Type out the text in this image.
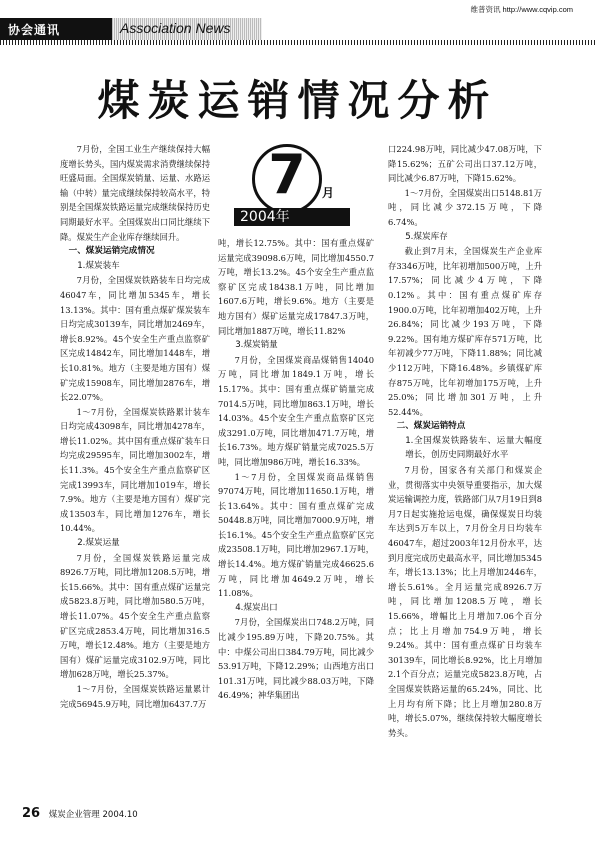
维普资讯 http://www.cqvip.com
协会通讯	Association News
煤炭运销情况分析
7	月
2004年

7月份，全国工业生产继续保持大幅度增长势头，国内煤炭需求消费继续保持旺盛局面。全国煤炭销量、运量、水路运输（中转）量完成继续保持较高水平，特别是全国煤炭铁路运量完成继续保持历史同期最好水平。全国煤炭出口同比继续下降。煤炭生产企业库存继续回升。

一、煤炭运销完成情况
1.煤炭装车

7月份，全国煤炭铁路装车日均完成46047车，同比增加5345车，增长13.13%。其中：国有重点煤矿煤炭装车日均完成30139车，同比增加2469车，增长8.92%。45个安全生产重点监察矿区完成14842车，同比增加1448车，增长10.81%。地方（主要是地方国有）煤矿完成15908车，同比增加2876车，增长22.07%。

1～7月份，全国煤炭铁路累计装车日均完成43098车，同比增加4278车，增长11.02%。其中国有重点煤矿装车日均完成29595车，同比增加3002车，增长11.3%。45个安全生产重点监察矿区完成13993车，同比增加1019车，增长7.9%。地方（主要是地方国有）煤矿完成13503车，同比增加1276车，增长10.44%。

2.煤炭运量

7月份，全国煤炭铁路运量完成8926.7万吨，同比增加1208.5万吨，增长15.66%。其中：国有重点煤矿运量完成5823.8万吨，同比增加580.5万吨，增长11.07%。45个安全生产重点监察矿区完成2853.4万吨，同比增加316.5万吨，增长12.48%。地方（主要是地方国有）煤矿运量完成3102.9万吨，同比增加628万吨，增长25.37%。

1～7月份，全国煤炭铁路运量累计完成56945.9万吨，同比增加6437.7万

吨，增长12.75%。其中：国有重点煤矿运量完成39098.6万吨，同比增加4550.7万吨，增长13.2%。45个安全生产重点监察矿区完成18438.1万吨，同比增加1607.6万吨，增长9.6%。地方（主要是地方国有）煤矿运量完成17847.3万吨，同比增加1887万吨，增长11.82%

3.煤炭销量

7月份，全国煤炭商品煤销售14040万吨，同比增加1849.1万吨，增长15.17%。其中：国有重点煤矿销量完成7014.5万吨，同比增加863.1万吨，增长14.03%。45个安全生产重点监察矿区完成3291.0万吨，同比增加471.7万吨，增长16.73%。地方煤矿销量完成7025.5万吨，同比增加986万吨，增长16.33%。

1～7月份，全国煤炭商品煤销售97074万吨，同比增加11650.1万吨，增长13.64%。其中：国有重点煤矿完成50448.8万吨，同比增加7000.9万吨，增长16.1%。45个安全生产重点监察矿区完成23508.1万吨，同比增加2967.1万吨，增长14.4%。地方煤矿销量完成46625.6万吨，同比增加4649.2万吨，增长11.08%。

4.煤炭出口

7月份，全国煤炭出口748.2万吨，同比减少195.89万吨，下降20.75%。其中：中煤公司出口384.79万吨，同比减少53.91万吨，下降12.29%；山西地方出口101.31万吨，同比减少88.03万吨，下降46.49%；神华集团出

口224.98万吨，同比减少47.08万吨，下降15.62%；五矿公司出口37.12万吨，同比减少6.87万吨，下降15.62%。

1～7月份，全国煤炭出口5148.81万吨，同比减少372.15万吨，下降6.74%。

5.煤炭库存

截止到7月末，全国煤炭生产企业库存3346万吨，比年初增加500万吨，上升17.57%；同比减少4万吨，下降0.12%。其中：国有重点煤矿库存1900.0万吨，比年初增加402万吨，上升26.84%；同比减少193万吨，下降9.22%。国有地方煤矿库存571万吨，比年初减少77万吨，下降11.88%；同比减少112万吨，下降16.48%。乡镇煤矿库存875万吨，比年初增加175万吨，上升25.0%；同比增加301万吨，上升52.44%。

二、煤炭运销特点
1.全国煤炭铁路装车、运量大幅度增长，创历史同期最好水平

7月份，国家各有关部门和煤炭企业，贯彻落实中央领导重要指示，加大煤炭运输调控力度，铁路部门从7月19日到8月7日起实施抢运电煤，确保煤炭日均装车达到5万车以上，7月份全月日均装车46047车，超过2003年12月份水平，达到月度完成历史最高水平，同比增加5345车，增长13.13%；比上月增加2446车，增长5.61%。全月运量完成8926.7万吨，同比增加1208.5万吨，增长15.66%，增幅比上月增加7.06个百分点；比上月增加754.9万吨，增长9.24%。其中：国有重点煤矿日均装车30139车，同比增长8.92%，比上月增加2.1个百分点；运量完成5823.8万吨，占全国煤炭铁路运量的65.24%，同比、比上月均有所下降；比上月增加280.8万吨，增长5.07%，继续保持较大幅度增长势头。

26 煤炭企业管理 2004.10
